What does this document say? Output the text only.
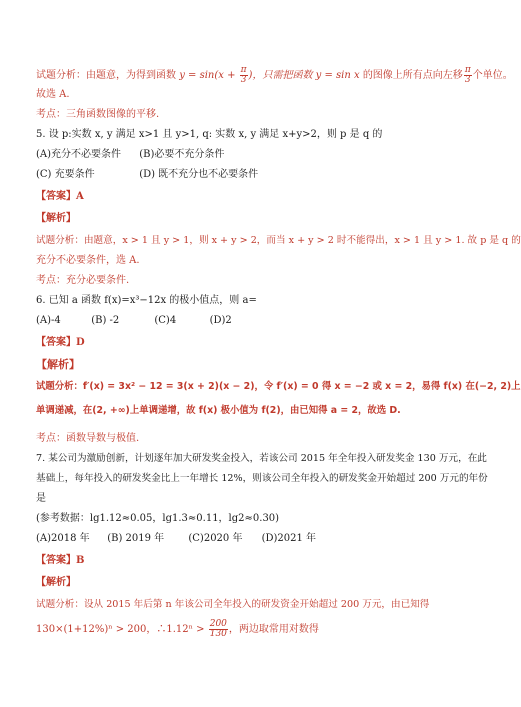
试题分析：由题意，为得到函数 $y = \sin(x + \frac{\pi}{3}$ )，只需把函数 y = sin x 的图像上所有点向左移 $\frac{\pi}{3}$ 个单位。
故选 A.
考点：三角函数图像的平移.
5. 设 p:实数 x, y 满足 x>1 且 y>1, q: 实数 x, y 满足 x+y>2，则 p 是 q 的
(A)充分不必要条件 (B)必要不充分条件
(C) 充要条件	(D) 既不充分也不必要条件
【答案】A
【解析】
试题分析：由题意，x > 1 且 y > 1，则 x + y > 2，而当 x + y > 2 时不能得出，x > 1 且 y > 1. 故 p 是 q 的
充分不必要条件，选 A.
考点：充分必要条件.
6. 已知 a 函数 f(x)=x³−12x 的极小值点，则 a=
(A)-4	(B) -2	(C)4	(D)2
【答案】D
【解析】
试题分析：f′(x) = 3x² − 12 = 3(x + 2)(x − 2)，令 f′(x) = 0 得 x = −2 或 x = 2，易得 f(x) 在(−2, 2)上
单调递减，在(2, +∞)上单调递增，故 f(x) 极小值为 f(2)，由已知得 a = 2，故选 D.
考点：函数导数与极值.
7. 某公司为激励创新，计划逐年加大研发奖金投入，若该公司 2015 年全年投入研发奖金 130 万元，在此
基础上，每年投入的研发奖金比上一年增长 12%，则该公司全年投入的研发奖金开始超过 200 万元的年份
是
(参考数据：lg1.12≈0.05，lg1.3≈0.11，lg2≈0.30)
(A)2018 年 (B) 2019 年 (C)2020 年 (D)2021 年
【答案】B
【解析】
试题分析：设从 2015 年后第 n 年该公司全年投入的研发资金开始超过 200 万元，由已知得
130×(1+12%)ⁿ > 200，∴1.12ⁿ > $\frac{200}{130}$ ，两边取常用对数得
